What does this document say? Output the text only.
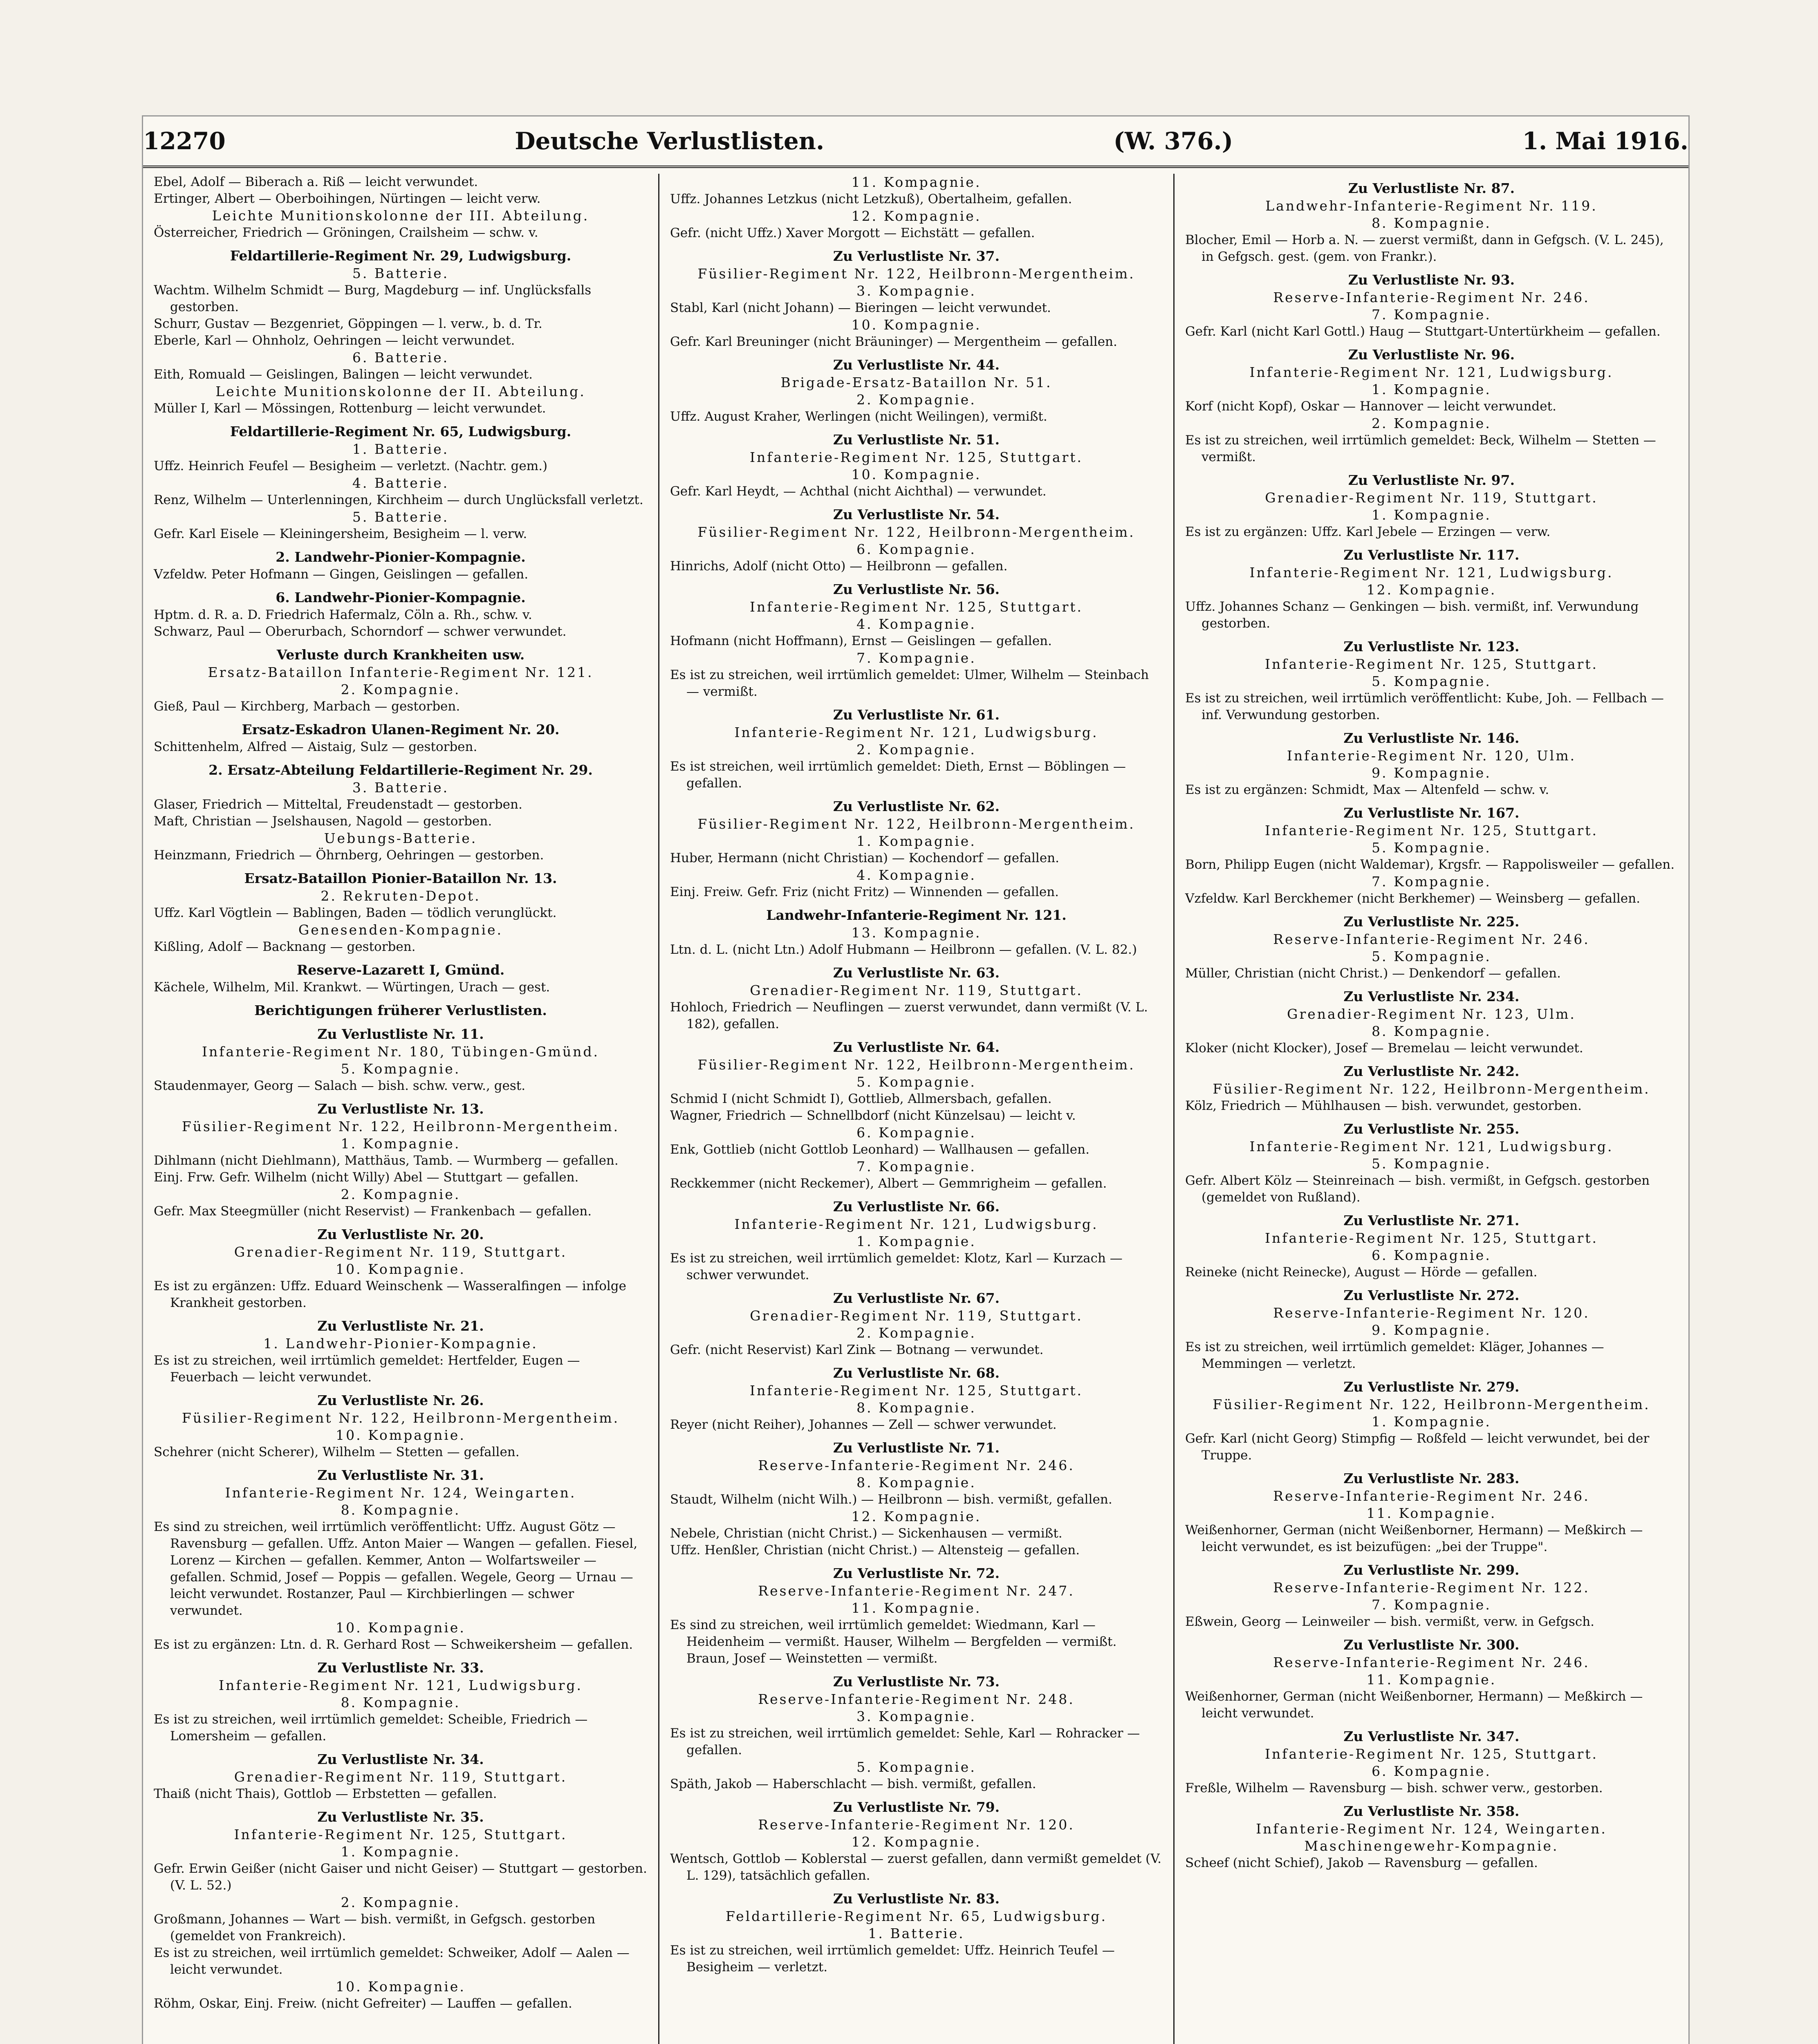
12270	Deutsche Verlustlisten.	(W. 376.)	1. Mai 1916.
Ebel, Adolf — Biberach a. Riß — leicht verwundet.
Ertinger, Albert — Oberboihingen, Nürtingen — leicht verw.
Leichte Munitionskolonne der III. Abteilung.
Österreicher, Friedrich — Gröningen, Crailsheim — schw. v.
Feldartillerie-Regiment Nr. 29, Ludwigsburg.
5. Batterie.
Wachtm. Wilhelm Schmidt — Burg, Magdeburg — inf. Unglücksfalls gestorben.
Schurr, Gustav — Bezgenriet, Göppingen — l. verw., b. d. Tr.
Eberle, Karl — Ohnholz, Oehringen — leicht verwundet.
6. Batterie.
Eith, Romuald — Geislingen, Balingen — leicht verwundet.
Leichte Munitionskolonne der II. Abteilung.
Müller I, Karl — Mössingen, Rottenburg — leicht verwundet.
Feldartillerie-Regiment Nr. 65, Ludwigsburg.
1. Batterie.
Uffz. Heinrich Feufel — Besigheim — verletzt. (Nachtr. gem.)
4. Batterie.
Renz, Wilhelm — Unterlenningen, Kirchheim — durch Unglücksfall verletzt.
5. Batterie.
Gefr. Karl Eisele — Kleiningersheim, Besigheim — l. verw.
2. Landwehr-Pionier-Kompagnie.
Vzfeldw. Peter Hofmann — Gingen, Geislingen — gefallen.
6. Landwehr-Pionier-Kompagnie.
Hptm. d. R. a. D. Friedrich Hafermalz, Cöln a. Rh., schw. v.
Schwarz, Paul — Oberurbach, Schorndorf — schwer verwundet.
Verluste durch Krankheiten usw.
Ersatz-Bataillon Infanterie-Regiment Nr. 121.
2. Kompagnie.
Gieß, Paul — Kirchberg, Marbach — gestorben.
Ersatz-Eskadron Ulanen-Regiment Nr. 20.
Schittenhelm, Alfred — Aistaig, Sulz — gestorben.
2. Ersatz-Abteilung Feldartillerie-Regiment Nr. 29.
3. Batterie.
Glaser, Friedrich — Mitteltal, Freudenstadt — gestorben.
Maft, Christian — Jselshausen, Nagold — gestorben.
Uebungs-Batterie.
Heinzmann, Friedrich — Öhrnberg, Oehringen — gestorben.
Ersatz-Bataillon Pionier-Bataillon Nr. 13.
2. Rekruten-Depot.
Uffz. Karl Vögtlein — Bablingen, Baden — tödlich verunglückt.
Genesenden-Kompagnie.
Kißling, Adolf — Backnang — gestorben.
Reserve-Lazarett I, Gmünd.
Kächele, Wilhelm, Mil. Krankwt. — Würtingen, Urach — gest.
Berichtigungen früherer Verlustlisten.
Zu Verlustliste Nr. 11.
Infanterie-Regiment Nr. 180, Tübingen-Gmünd.
5. Kompagnie.
Staudenmayer, Georg — Salach — bish. schw. verw., gest.
Zu Verlustliste Nr. 13.
Füsilier-Regiment Nr. 122, Heilbronn-Mergentheim.
1. Kompagnie.
Dihlmann (nicht Diehlmann), Matthäus, Tamb. — Wurmberg — gefallen.
Einj. Frw. Gefr. Wilhelm (nicht Willy) Abel — Stuttgart — gefallen.
2. Kompagnie.
Gefr. Max Steegmüller (nicht Reservist) — Frankenbach — gefallen.
Zu Verlustliste Nr. 20.
Grenadier-Regiment Nr. 119, Stuttgart.
10. Kompagnie.
Es ist zu ergänzen: Uffz. Eduard Weinschenk — Wasseralfingen — infolge Krankheit gestorben.
Zu Verlustliste Nr. 21.
1. Landwehr-Pionier-Kompagnie.
Es ist zu streichen, weil irrtümlich gemeldet: Hertfelder, Eugen — Feuerbach — leicht verwundet.
Zu Verlustliste Nr. 26.
Füsilier-Regiment Nr. 122, Heilbronn-Mergentheim.
10. Kompagnie.
Schehrer (nicht Scherer), Wilhelm — Stetten — gefallen.
Zu Verlustliste Nr. 31.
Infanterie-Regiment Nr. 124, Weingarten.
8. Kompagnie.
Es sind zu streichen, weil irrtümlich veröffentlicht: Uffz. August Götz — Ravensburg — gefallen. Uffz. Anton Maier — Wangen — gefallen. Fiesel, Lorenz — Kirchen — gefallen. Kemmer, Anton — Wolfartsweiler — gefallen. Schmid, Josef — Poppis — gefallen. Wegele, Georg — Urnau — leicht verwundet. Rostanzer, Paul — Kirchbierlingen — schwer verwundet.
10. Kompagnie.
Es ist zu ergänzen: Ltn. d. R. Gerhard Rost — Schweikersheim — gefallen.
Zu Verlustliste Nr. 33.
Infanterie-Regiment Nr. 121, Ludwigsburg.
8. Kompagnie.
Es ist zu streichen, weil irrtümlich gemeldet: Scheible, Friedrich — Lomersheim — gefallen.
Zu Verlustliste Nr. 34.
Grenadier-Regiment Nr. 119, Stuttgart.
Thaiß (nicht Thais), Gottlob — Erbstetten — gefallen.
Zu Verlustliste Nr. 35.
Infanterie-Regiment Nr. 125, Stuttgart.
1. Kompagnie.
Gefr. Erwin Geißer (nicht Gaiser und nicht Geiser) — Stuttgart — gestorben. (V. L. 52.)
2. Kompagnie.
Großmann, Johannes — Wart — bish. vermißt, in Gefgsch. gestorben (gemeldet von Frankreich).
Es ist zu streichen, weil irrtümlich gemeldet: Schweiker, Adolf — Aalen — leicht verwundet.
10. Kompagnie.
Röhm, Oskar, Einj. Freiw. (nicht Gefreiter) — Lauffen — gefallen.
11. Kompagnie.
Uffz. Johannes Letzkus (nicht Letzkuß), Obertalheim, gefallen.
12. Kompagnie.
Gefr. (nicht Uffz.) Xaver Morgott — Eichstätt — gefallen.
Zu Verlustliste Nr. 37.
Füsilier-Regiment Nr. 122, Heilbronn-Mergentheim.
3. Kompagnie.
Stabl, Karl (nicht Johann) — Bieringen — leicht verwundet.
10. Kompagnie.
Gefr. Karl Breuninger (nicht Bräuninger) — Mergentheim — gefallen.
Zu Verlustliste Nr. 44.
Brigade-Ersatz-Bataillon Nr. 51.
2. Kompagnie.
Uffz. August Kraher, Werlingen (nicht Weilingen), vermißt.
Zu Verlustliste Nr. 51.
Infanterie-Regiment Nr. 125, Stuttgart.
10. Kompagnie.
Gefr. Karl Heydt, — Achthal (nicht Aichthal) — verwundet.
Zu Verlustliste Nr. 54.
Füsilier-Regiment Nr. 122, Heilbronn-Mergentheim.
6. Kompagnie.
Hinrichs, Adolf (nicht Otto) — Heilbronn — gefallen.
Zu Verlustliste Nr. 56.
Infanterie-Regiment Nr. 125, Stuttgart.
4. Kompagnie.
Hofmann (nicht Hoffmann), Ernst — Geislingen — gefallen.
7. Kompagnie.
Es ist zu streichen, weil irrtümlich gemeldet: Ulmer, Wilhelm — Steinbach — vermißt.
Zu Verlustliste Nr. 61.
Infanterie-Regiment Nr. 121, Ludwigsburg.
2. Kompagnie.
Es ist streichen, weil irrtümlich gemeldet: Dieth, Ernst — Böblingen — gefallen.
Zu Verlustliste Nr. 62.
Füsilier-Regiment Nr. 122, Heilbronn-Mergentheim.
1. Kompagnie.
Huber, Hermann (nicht Christian) — Kochendorf — gefallen.
4. Kompagnie.
Einj. Freiw. Gefr. Friz (nicht Fritz) — Winnenden — gefallen.
Landwehr-Infanterie-Regiment Nr. 121.
13. Kompagnie.
Ltn. d. L. (nicht Ltn.) Adolf Hubmann — Heilbronn — gefallen. (V. L. 82.)
Zu Verlustliste Nr. 63.
Grenadier-Regiment Nr. 119, Stuttgart.
Hohloch, Friedrich — Neuflingen — zuerst verwundet, dann vermißt (V. L. 182), gefallen.
Zu Verlustliste Nr. 64.
Füsilier-Regiment Nr. 122, Heilbronn-Mergentheim.
5. Kompagnie.
Schmid I (nicht Schmidt I), Gottlieb, Allmersbach, gefallen.
Wagner, Friedrich — Schnellbdorf (nicht Künzelsau) — leicht v.
6. Kompagnie.
Enk, Gottlieb (nicht Gottlob Leonhard) — Wallhausen — gefallen.
7. Kompagnie.
Reckkemmer (nicht Reckemer), Albert — Gemmrigheim — gefallen.
Zu Verlustliste Nr. 66.
Infanterie-Regiment Nr. 121, Ludwigsburg.
1. Kompagnie.
Es ist zu streichen, weil irrtümlich gemeldet: Klotz, Karl — Kurzach — schwer verwundet.
Zu Verlustliste Nr. 67.
Grenadier-Regiment Nr. 119, Stuttgart.
2. Kompagnie.
Gefr. (nicht Reservist) Karl Zink — Botnang — verwundet.
Zu Verlustliste Nr. 68.
Infanterie-Regiment Nr. 125, Stuttgart.
8. Kompagnie.
Reyer (nicht Reiher), Johannes — Zell — schwer verwundet.
Zu Verlustliste Nr. 71.
Reserve-Infanterie-Regiment Nr. 246.
8. Kompagnie.
Staudt, Wilhelm (nicht Wilh.) — Heilbronn — bish. vermißt, gefallen.
12. Kompagnie.
Nebele, Christian (nicht Christ.) — Sickenhausen — vermißt.
Uffz. Henßler, Christian (nicht Christ.) — Altensteig — gefallen.
Zu Verlustliste Nr. 72.
Reserve-Infanterie-Regiment Nr. 247.
11. Kompagnie.
Es sind zu streichen, weil irrtümlich gemeldet: Wiedmann, Karl — Heidenheim — vermißt. Hauser, Wilhelm — Bergfelden — vermißt. Braun, Josef — Weinstetten — vermißt.
Zu Verlustliste Nr. 73.
Reserve-Infanterie-Regiment Nr. 248.
3. Kompagnie.
Es ist zu streichen, weil irrtümlich gemeldet: Sehle, Karl — Rohracker — gefallen.
5. Kompagnie.
Späth, Jakob — Haberschlacht — bish. vermißt, gefallen.
Zu Verlustliste Nr. 79.
Reserve-Infanterie-Regiment Nr. 120.
12. Kompagnie.
Wentsch, Gottlob — Koblerstal — zuerst gefallen, dann vermißt gemeldet (V. L. 129), tatsächlich gefallen.
Zu Verlustliste Nr. 83.
Feldartillerie-Regiment Nr. 65, Ludwigsburg.
1. Batterie.
Es ist zu streichen, weil irrtümlich gemeldet: Uffz. Heinrich Teufel — Besigheim — verletzt.
Zu Verlustliste Nr. 87.
Landwehr-Infanterie-Regiment Nr. 119.
8. Kompagnie.
Blocher, Emil — Horb a. N. — zuerst vermißt, dann in Gefgsch. (V. L. 245), in Gefgsch. gest. (gem. von Frankr.).
Zu Verlustliste Nr. 93.
Reserve-Infanterie-Regiment Nr. 246.
7. Kompagnie.
Gefr. Karl (nicht Karl Gottl.) Haug — Stuttgart-Untertürkheim — gefallen.
Zu Verlustliste Nr. 96.
Infanterie-Regiment Nr. 121, Ludwigsburg.
1. Kompagnie.
Korf (nicht Kopf), Oskar — Hannover — leicht verwundet.
2. Kompagnie.
Es ist zu streichen, weil irrtümlich gemeldet: Beck, Wilhelm — Stetten — vermißt.
Zu Verlustliste Nr. 97.
Grenadier-Regiment Nr. 119, Stuttgart.
1. Kompagnie.
Es ist zu ergänzen: Uffz. Karl Jebele — Erzingen — verw.
Zu Verlustliste Nr. 117.
Infanterie-Regiment Nr. 121, Ludwigsburg.
12. Kompagnie.
Uffz. Johannes Schanz — Genkingen — bish. vermißt, inf. Verwundung gestorben.
Zu Verlustliste Nr. 123.
Infanterie-Regiment Nr. 125, Stuttgart.
5. Kompagnie.
Es ist zu streichen, weil irrtümlich veröffentlicht: Kube, Joh. — Fellbach — inf. Verwundung gestorben.
Zu Verlustliste Nr. 146.
Infanterie-Regiment Nr. 120, Ulm.
9. Kompagnie.
Es ist zu ergänzen: Schmidt, Max — Altenfeld — schw. v.
Zu Verlustliste Nr. 167.
Infanterie-Regiment Nr. 125, Stuttgart.
5. Kompagnie.
Born, Philipp Eugen (nicht Waldemar), Krgsfr. — Rappolisweiler — gefallen.
7. Kompagnie.
Vzfeldw. Karl Berckhemer (nicht Berkhemer) — Weinsberg — gefallen.
Zu Verlustliste Nr. 225.
Reserve-Infanterie-Regiment Nr. 246.
5. Kompagnie.
Müller, Christian (nicht Christ.) — Denkendorf — gefallen.
Zu Verlustliste Nr. 234.
Grenadier-Regiment Nr. 123, Ulm.
8. Kompagnie.
Kloker (nicht Klocker), Josef — Bremelau — leicht verwundet.
Zu Verlustliste Nr. 242.
Füsilier-Regiment Nr. 122, Heilbronn-Mergentheim.
Kölz, Friedrich — Mühlhausen — bish. verwundet, gestorben.
Zu Verlustliste Nr. 255.
Infanterie-Regiment Nr. 121, Ludwigsburg.
5. Kompagnie.
Gefr. Albert Kölz — Steinreinach — bish. vermißt, in Gefgsch. gestorben (gemeldet von Rußland).
Zu Verlustliste Nr. 271.
Infanterie-Regiment Nr. 125, Stuttgart.
6. Kompagnie.
Reineke (nicht Reinecke), August — Hörde — gefallen.
Zu Verlustliste Nr. 272.
Reserve-Infanterie-Regiment Nr. 120.
9. Kompagnie.
Es ist zu streichen, weil irrtümlich gemeldet: Kläger, Johannes — Memmingen — verletzt.
Zu Verlustliste Nr. 279.
Füsilier-Regiment Nr. 122, Heilbronn-Mergentheim.
1. Kompagnie.
Gefr. Karl (nicht Georg) Stimpfig — Roßfeld — leicht verwundet, bei der Truppe.
Zu Verlustliste Nr. 283.
Reserve-Infanterie-Regiment Nr. 246.
11. Kompagnie.
Weißenhorner, German (nicht Weißenborner, Hermann) — Meßkirch — leicht verwundet, es ist beizufügen: „bei der Truppe".
Zu Verlustliste Nr. 299.
Reserve-Infanterie-Regiment Nr. 122.
7. Kompagnie.
Eßwein, Georg — Leinweiler — bish. vermißt, verw. in Gefgsch.
Zu Verlustliste Nr. 300.
Reserve-Infanterie-Regiment Nr. 246.
11. Kompagnie.
Weißenhorner, German (nicht Weißenborner, Hermann) — Meßkirch — leicht verwundet.
Zu Verlustliste Nr. 347.
Infanterie-Regiment Nr. 125, Stuttgart.
6. Kompagnie.
Freßle, Wilhelm — Ravensburg — bish. schwer verw., gestorben.
Zu Verlustliste Nr. 358.
Infanterie-Regiment Nr. 124, Weingarten.
Maschinengewehr-Kompagnie.
Scheef (nicht Schief), Jakob — Ravensburg — gefallen.
